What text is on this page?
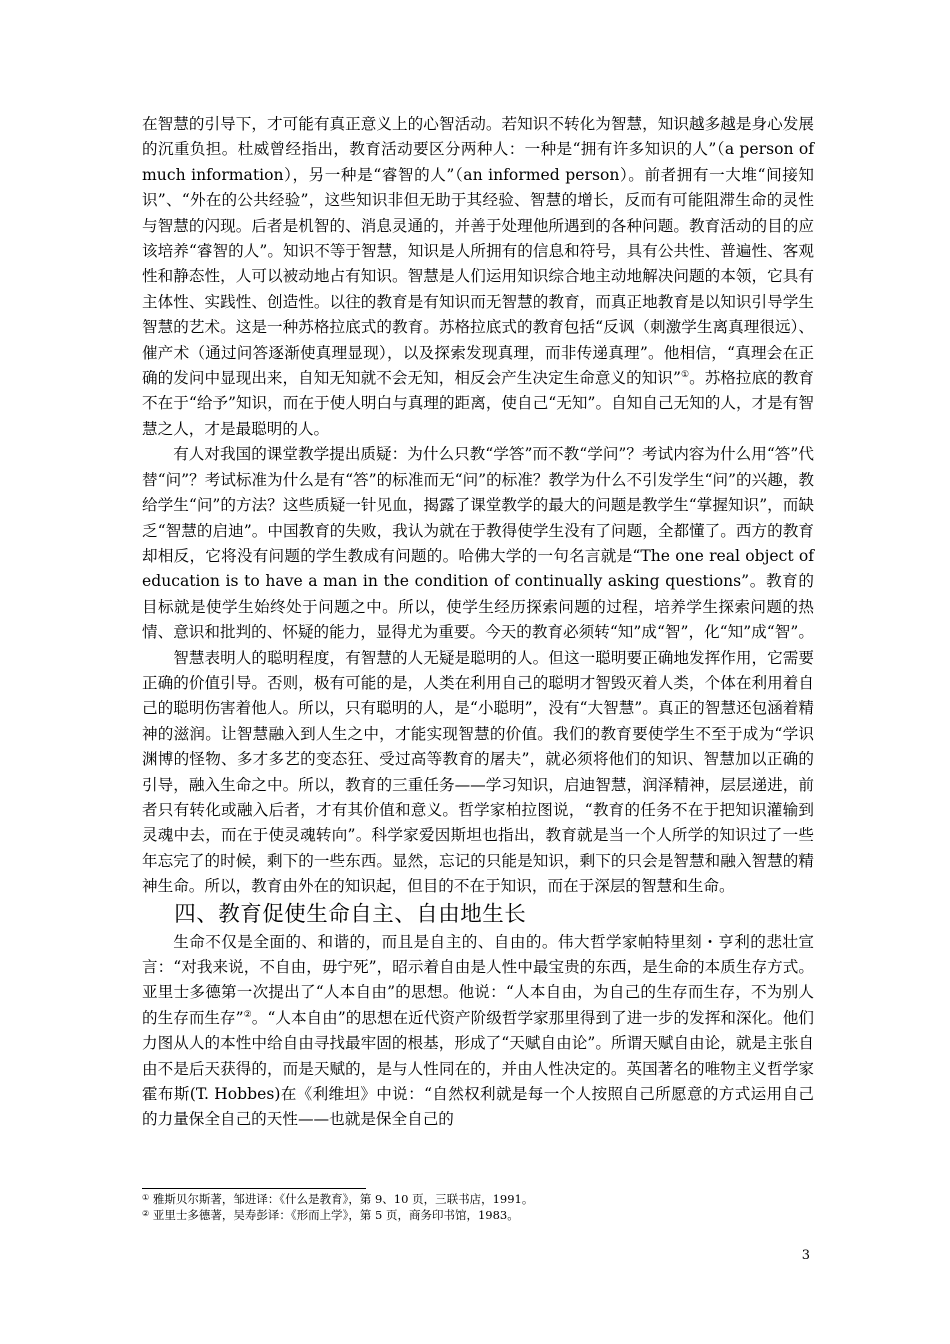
在智慧的引导下，才可能有真正意义上的心智活动。若知识不转化为智慧，知识越多越是身心发展的沉重负担。杜威曾经指出，教育活动要区分两种人：一种是“拥有许多知识的人”（a person of much information），另一种是“睿智的人”（an informed person）。前者拥有一大堆“间接知识”、“外在的公共经验”，这些知识非但无助于其经验、智慧的增长，反而有可能阻滞生命的灵性与智慧的闪现。后者是机智的、消息灵通的，并善于处理他所遇到的各种问题。教育活动的目的应该培养“睿智的人”。知识不等于智慧，知识是人所拥有的信息和符号，具有公共性、普遍性、客观性和静态性，人可以被动地占有知识。智慧是人们运用知识综合地主动地解决问题的本领，它具有主体性、实践性、创造性。以往的教育是有知识而无智慧的教育，而真正地教育是以知识引导学生智慧的艺术。这是一种苏格拉底式的教育。苏格拉底式的教育包括“反讽（刺激学生离真理很远）、催产术（通过问答逐渐使真理显现），以及探索发现真理，而非传递真理”。他相信，“真理会在正确的发问中显现出来，自知无知就不会无知，相反会产生决定生命意义的知识”①。苏格拉底的教育不在于“给予”知识，而在于使人明白与真理的距离，使自己“无知”。自知自己无知的人，才是有智慧之人，才是最聪明的人。

有人对我国的课堂教学提出质疑：为什么只教“学答”而不教“学问”？考试内容为什么用“答”代替“问”？考试标准为什么是有“答”的标准而无“问”的标准？教学为什么不引发学生“问”的兴趣，教给学生“问”的方法？这些质疑一针见血，揭露了课堂教学的最大的问题是教学生“掌握知识”，而缺乏“智慧的启迪”。中国教育的失败，我认为就在于教得使学生没有了问题，全都懂了。西方的教育却相反，它将没有问题的学生教成有问题的。哈佛大学的一句名言就是“The one real object of education is to have a man in the condition of continually asking questions”。教育的目标就是使学生始终处于问题之中。所以，使学生经历探索问题的过程，培养学生探索问题的热情、意识和批判的、怀疑的能力，显得尤为重要。今天的教育必须转“知”成“智”，化“知”成“智”。

智慧表明人的聪明程度，有智慧的人无疑是聪明的人。但这一聪明要正确地发挥作用，它需要正确的价值引导。否则，极有可能的是，人类在利用自己的聪明才智毁灭着人类，个体在利用着自己的聪明伤害着他人。所以，只有聪明的人，是“小聪明”，没有“大智慧”。真正的智慧还包涵着精神的滋润。让智慧融入到人生之中，才能实现智慧的价值。我们的教育要使学生不至于成为“学识渊博的怪物、多才多艺的变态狂、受过高等教育的屠夫”，就必须将他们的知识、智慧加以正确的引导，融入生命之中。所以，教育的三重任务——学习知识，启迪智慧，润泽精神，层层递进，前者只有转化或融入后者，才有其价值和意义。哲学家柏拉图说，“教育的任务不在于把知识灌输到灵魂中去，而在于使灵魂转向”。科学家爱因斯坦也指出，教育就是当一个人所学的知识过了一些年忘完了的时候，剩下的一些东西。显然，忘记的只能是知识，剩下的只会是智慧和融入智慧的精神生命。所以，教育由外在的知识起，但目的不在于知识，而在于深层的智慧和生命。

四、教育促使生命自主、自由地生长

生命不仅是全面的、和谐的，而且是自主的、自由的。伟大哲学家帕特里刻・亨利的悲壮宣言：“对我来说，不自由，毋宁死”，昭示着自由是人性中最宝贵的东西，是生命的本质生存方式。亚里士多德第一次提出了“人本自由”的思想。他说：“人本自由，为自己的生存而生存，不为别人的生存而生存”②。“人本自由”的思想在近代资产阶级哲学家那里得到了进一步的发挥和深化。他们力图从人的本性中给自由寻找最牢固的根基，形成了“天赋自由论”。所谓天赋自由论，就是主张自由不是后天获得的，而是天赋的，是与人性同在的，并由人性决定的。英国著名的唯物主义哲学家霍布斯(T. Hobbes)在《利维坦》中说：“自然权利就是每一个人按照自己所愿意的方式运用自己的力量保全自己的天性——也就是保全自己的

① 雅斯贝尔斯著，邹进译：《什么是教育》，第 9、10 页，三联书店，1991。

② 亚里士多德著，吴寿彭译：《形而上学》，第 5 页，商务印书馆，1983。

3
